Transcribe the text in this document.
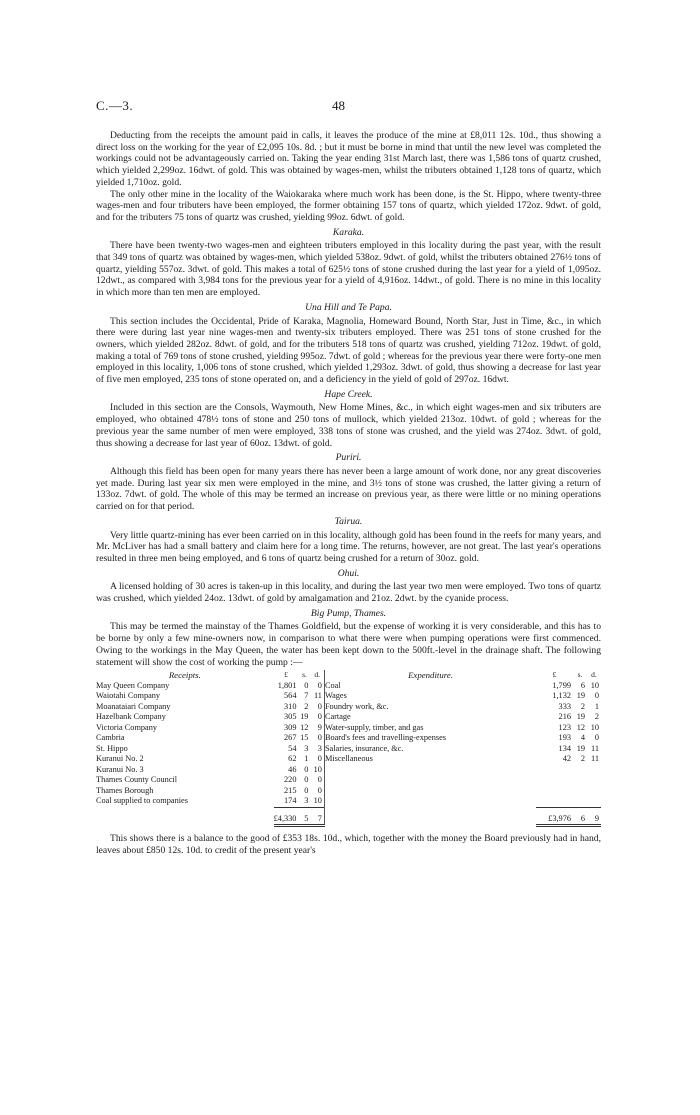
C.—3.	48

Deducting from the receipts the amount paid in calls, it leaves the produce of the mine at £8,011 12s. 10d., thus showing a direct loss on the working for the year of £2,095 10s. 8d. ; but it must be borne in mind that until the new level was completed the workings could not be advantageously carried on. Taking the year ending 31st March last, there was 1,586 tons of quartz crushed, which yielded 2,299oz. 16dwt. of gold. This was obtained by wages-men, whilst the tributers obtained 1,128 tons of quartz, which yielded 1,710oz. gold.

The only other mine in the locality of the Waiokaraka where much work has been done, is the St. Hippo, where twenty-three wages-men and four tributers have been employed, the former obtaining 157 tons of quartz, which yielded 172oz. 9dwt. of gold, and for the tributers 75 tons of quartz was crushed, yielding 99oz. 6dwt. of gold.

Karaka.

There have been twenty-two wages-men and eighteen tributers employed in this locality during the past year, with the result that 349 tons of quartz was obtained by wages-men, which yielded 538oz. 9dwt. of gold, whilst the tributers obtained 276½ tons of quartz, yielding 557oz. 3dwt. of gold. This makes a total of 625½ tons of stone crushed during the last year for a yield of 1,095oz. 12dwt., as compared with 3,984 tons for the previous year for a yield of 4,916oz. 14dwt., of gold. There is no mine in this locality in which more than ten men are employed.

Una Hill and Te Papa.

This section includes the Occidental, Pride of Karaka, Magnolia, Homeward Bound, North Star, Just in Time, &c., in which there were during last year nine wages-men and twenty-six tributers employed. There was 251 tons of stone crushed for the owners, which yielded 282oz. 8dwt. of gold, and for the tributers 518 tons of quartz was crushed, yielding 712oz. 19dwt. of gold, making a total of 769 tons of stone crushed, yielding 995oz. 7dwt. of gold ; whereas for the previous year there were forty-one men employed in this locality, 1,006 tons of stone crushed, which yielded 1,293oz. 3dwt. of gold, thus showing a decrease for last year of five men employed, 235 tons of stone operated on, and a deficiency in the yield of gold of 297oz. 16dwt.

Hape Creek.

Included in this section are the Consols, Waymouth, New Home Mines, &c., in which eight wages-men and six tributers are employed, who obtained 478½ tons of stone and 250 tons of mullock, which yielded 213oz. 10dwt. of gold ; whereas for the previous year the same number of men were employed, 338 tons of stone was crushed, and the yield was 274oz. 3dwt. of gold, thus showing a decrease for last year of 60oz. 13dwt. of gold.

Puriri.

Although this field has been open for many years there has never been a large amount of work done, nor any great discoveries yet made. During last year six men were employed in the mine, and 3½ tons of stone was crushed, the latter giving a return of 133oz. 7dwt. of gold. The whole of this may be termed an increase on previous year, as there were little or no mining operations carried on for that period.

Tairua.

Very little quartz-mining has ever been carried on in this locality, although gold has been found in the reefs for many years, and Mr. McLiver has had a small battery and claim here for a long time. The returns, however, are not great. The last year's operations resulted in three men being employed, and 6 tons of quartz being crushed for a return of 30oz. gold.

Ohui.

A licensed holding of 30 acres is taken-up in this locality, and during the last year two men were employed. Two tons of quartz was crushed, which yielded 24oz. 13dwt. of gold by amalgamation and 21oz. 2dwt. by the cyanide process.

Big Pump, Thames.

This may be termed the mainstay of the Thames Goldfield, but the expense of working it is very considerable, and this has to be borne by only a few mine-owners now, in comparison to what there were when pumping operations were first commenced. Owing to the workings in the May Queen, the water has been kept down to the 500ft.-level in the drainage shaft. The following statement will show the cost of working the pump :—

Receipts.	£	s.	d.	Expenditure.	£	s.	d.
May Queen Company	1,801	0	0	Coal	1,799	6	10
Waiotahi Company	564	7	11	Wages	1,132	19	0
Moanataiari Company	310	2	0	Foundry work, &c.	333	2	1
Hazelbank Company	305	19	0	Cartage	216	19	2
Victoria Company	309	12	9	Water-supply, timber, and gas	123	12	10
Cambria	267	15	0	Board's fees and travelling-expenses	193	4	0
St. Hippo	54	3	3	Salaries, insurance, &c.	134	19	11
Kuranui No. 2	62	1	0	Miscellaneous	42	2	11
Kuranui No. 3	46	0	10				
Thames County Council	220	0	0				
Thames Borough	215	0	0				
Coal supplied to companies	174	3	10				
	£4,330	5	7		£3,976	6	9

This shows there is a balance to the good of £353 18s. 10d., which, together with the money the Board previously had in hand, leaves about £850 12s. 10d. to credit of the present year's
